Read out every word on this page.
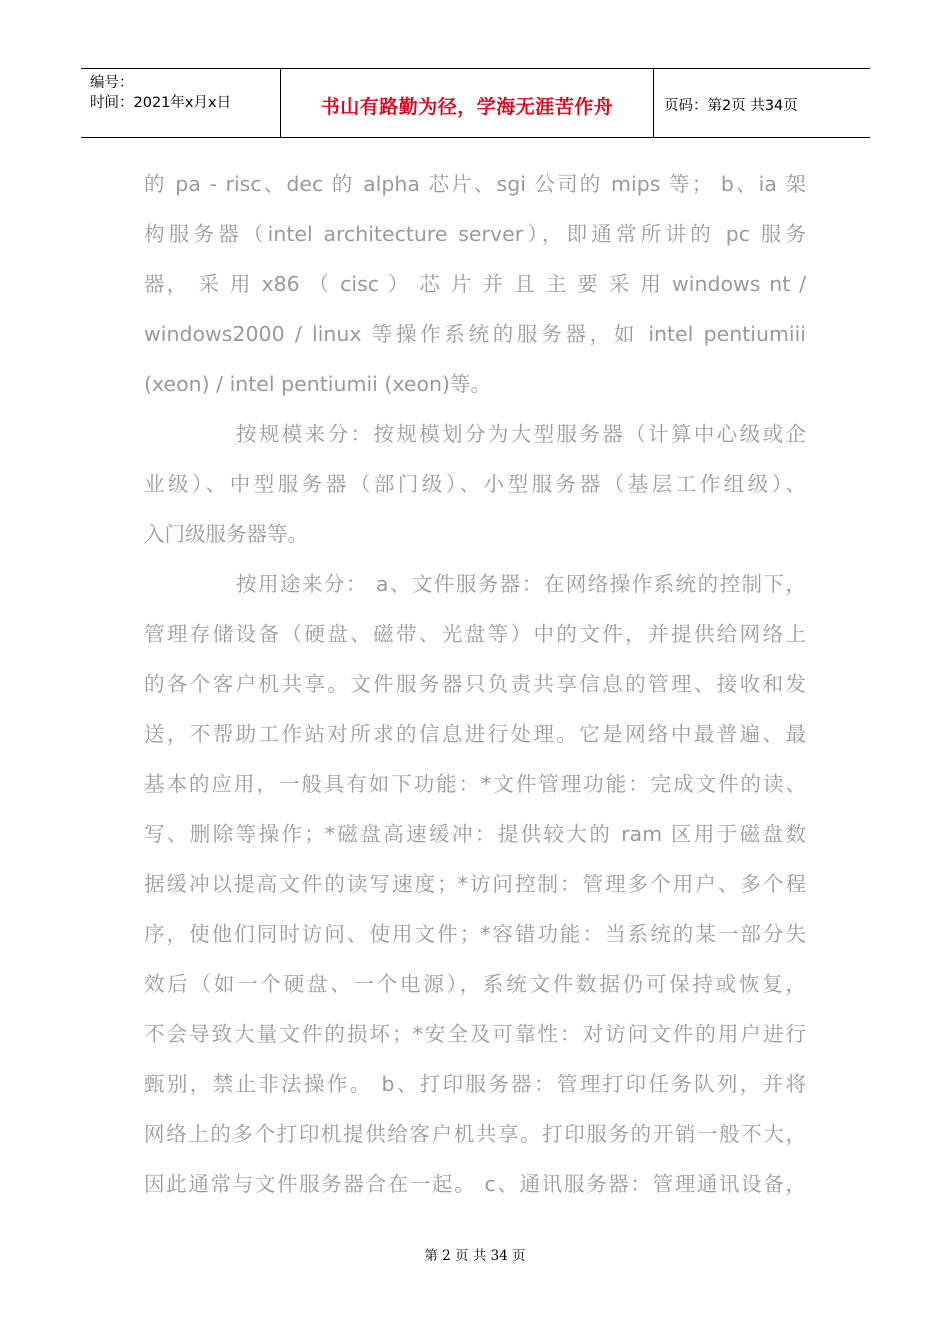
编号：
时间：2021年x月x日	书山有路勤为径，学海无涯苦作舟	页码：第2页 共34页
的 pa - risc、dec 的 alpha 芯片、sgi 公司的 mips 等； b、ia 架
构服务器（intel architecture server），即通常所讲的 pc 服务
器， 采 用 x86 （ cisc ） 芯 片 并 且 主 要 采 用 windows nt /
windows2000 / linux 等操作系统的服务器，如 intel pentiumiii
(xeon) / intel pentiumii (xeon)等。
按规模来分：按规模划分为大型服务器（计算中心级或企
业级）、中型服务器（部门级）、小型服务器（基层工作组级）、
入门级服务器等。
按用途来分： a、文件服务器：在网络操作系统的控制下，
管理存储设备（硬盘、磁带、光盘等）中的文件，并提供给网络上
的各个客户机共享。文件服务器只负责共享信息的管理、接收和发
送，不帮助工作站对所求的信息进行处理。它是网络中最普遍、最
基本的应用，一般具有如下功能：*文件管理功能：完成文件的读、
写、删除等操作；*磁盘高速缓冲：提供较大的 ram 区用于磁盘数
据缓冲以提高文件的读写速度；*访问控制：管理多个用户、多个程
序，使他们同时访问、使用文件；*容错功能：当系统的某一部分失
效后（如一个硬盘、一个电源），系统文件数据仍可保持或恢复，
不会导致大量文件的损坏；*安全及可靠性：对访问文件的用户进行
甄别，禁止非法操作。 b、打印服务器：管理打印任务队列，并将
网络上的多个打印机提供给客户机共享。打印服务的开销一般不大，
因此通常与文件服务器合在一起。 c、通讯服务器：管理通讯设备，
第 2 页 共 34 页
